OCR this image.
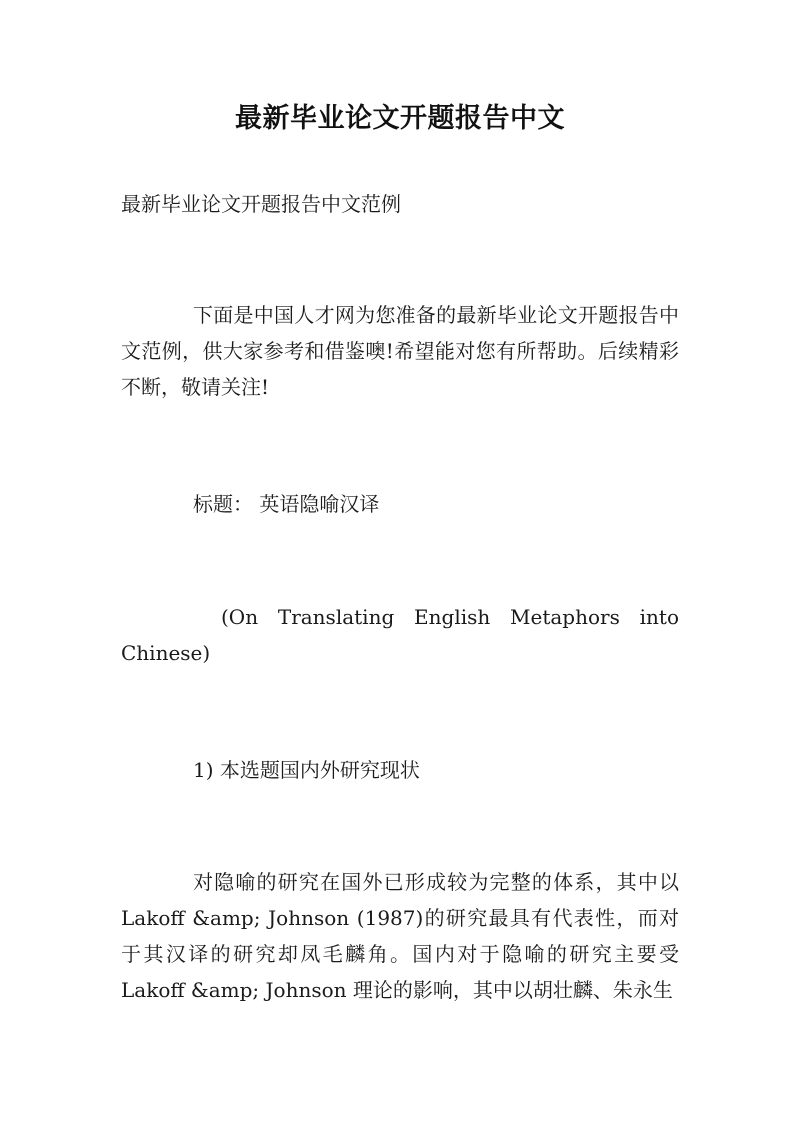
最新毕业论文开题报告中文
最新毕业论文开题报告中文范例
下面是中国人才网为您准备的最新毕业论文开题报告中文范例，供大家参考和借鉴噢!希望能对您有所帮助。后续精彩不断，敬请关注!
标题： 英语隐喻汉译
(On Translating English Metaphors into
Chinese)
1) 本选题国内外研究现状
对隐喻的研究在国外已形成较为完整的体系，其中以 Lakoff &amp; Johnson (1987)的研究最具有代表性，而对于其汉译的研究却凤毛麟角。国内对于隐喻的研究主要受 Lakoff &amp; Johnson 理论的影响，其中以胡壮麟、朱永生
